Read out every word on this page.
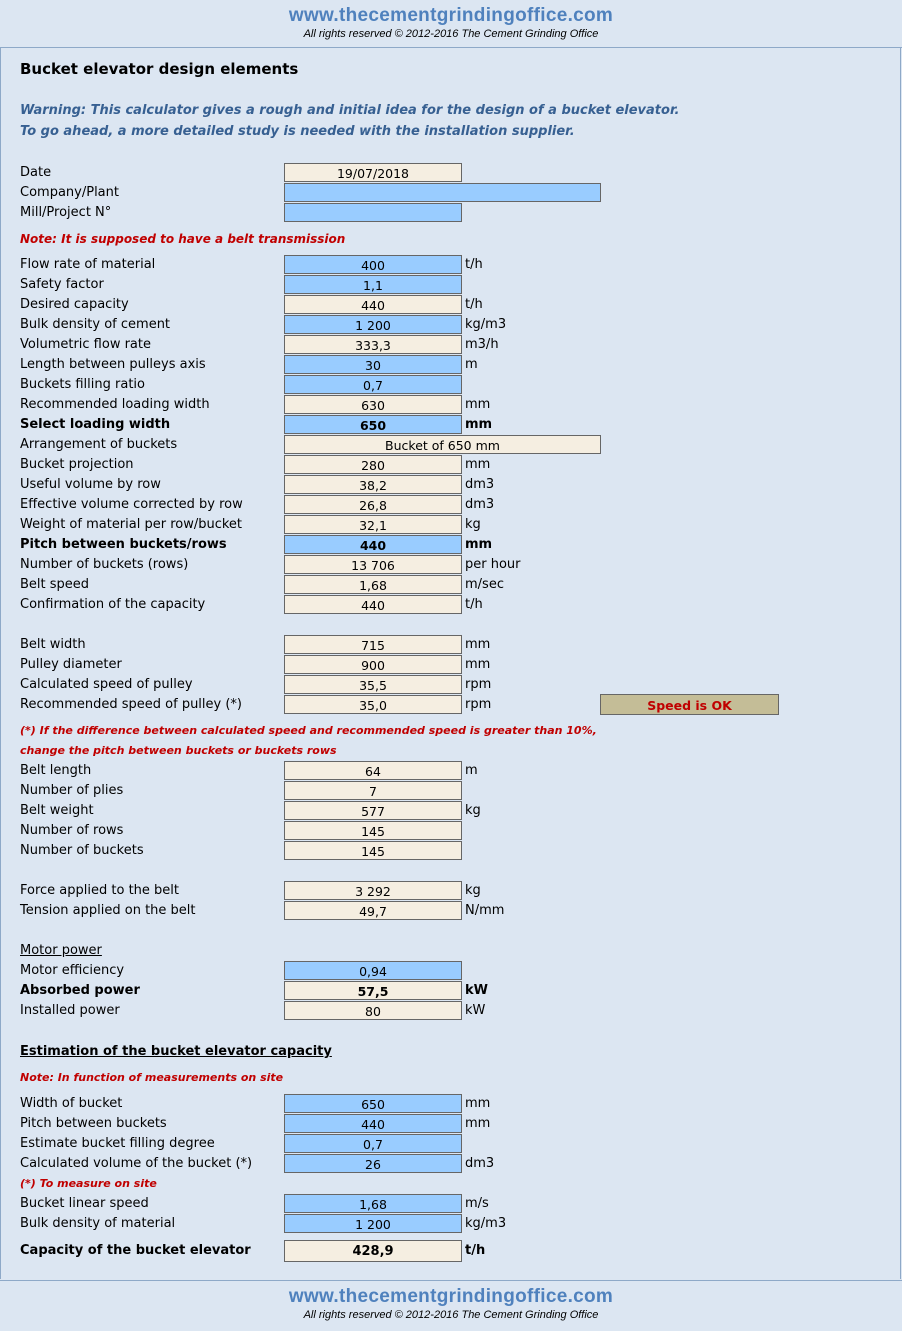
www.thecementgrindingoffice.com
All rights reserved © 2012-2016 The Cement Grinding Office
Bucket elevator design elements
Warning: This calculator gives a rough and initial idea for the design of a bucket elevator.
To go ahead, a more detailed study is needed with the installation supplier.
Date	19/07/2018
Company/Plant
Mill/Project N°
Note: It is supposed to have a belt transmission
Flow rate of material	400	t/h
Safety factor	1,1
Desired capacity	440	t/h
Bulk density of cement	1 200	kg/m3
Volumetric flow rate	333,3	m3/h
Length between pulleys axis	30	m
Buckets filling ratio	0,7
Recommended loading width	630	mm
Select loading width	650	mm
Arrangement of buckets	Bucket of 650 mm
Bucket projection	280	mm
Useful volume by row	38,2	dm3
Effective volume corrected by row	26,8	dm3
Weight of material per row/bucket	32,1	kg
Pitch between buckets/rows	440	mm
Number of buckets (rows)	13 706	per hour
Belt speed	1,68	m/sec
Confirmation of the capacity	440	t/h
Belt width	715	mm
Pulley diameter	900	mm
Calculated speed of pulley	35,5	rpm
Recommended speed of pulley (*)	35,0	rpm	Speed is OK
(*) If the difference between calculated speed and recommended speed is greater than 10%,
change the pitch between buckets or buckets rows
Belt length	64	m
Number of plies	7
Belt weight	577	kg
Number of rows	145
Number of buckets	145
Force applied to the belt	3 292	kg
Tension applied on the belt	49,7	N/mm
Motor power
Motor efficiency	0,94
Absorbed power	57,5	kW
Installed power	80	kW
Estimation of the bucket elevator capacity
Note: In function of measurements on site
Width of bucket	650	mm
Pitch between buckets	440	mm
Estimate bucket filling degree	0,7
Calculated volume of the bucket (*)	26	dm3
(*) To measure on site
Bucket linear speed	1,68	m/s
Bulk density of material	1 200	kg/m3
Capacity of the bucket elevator	428,9	t/h
www.thecementgrindingoffice.com
All rights reserved © 2012-2016 The Cement Grinding Office
